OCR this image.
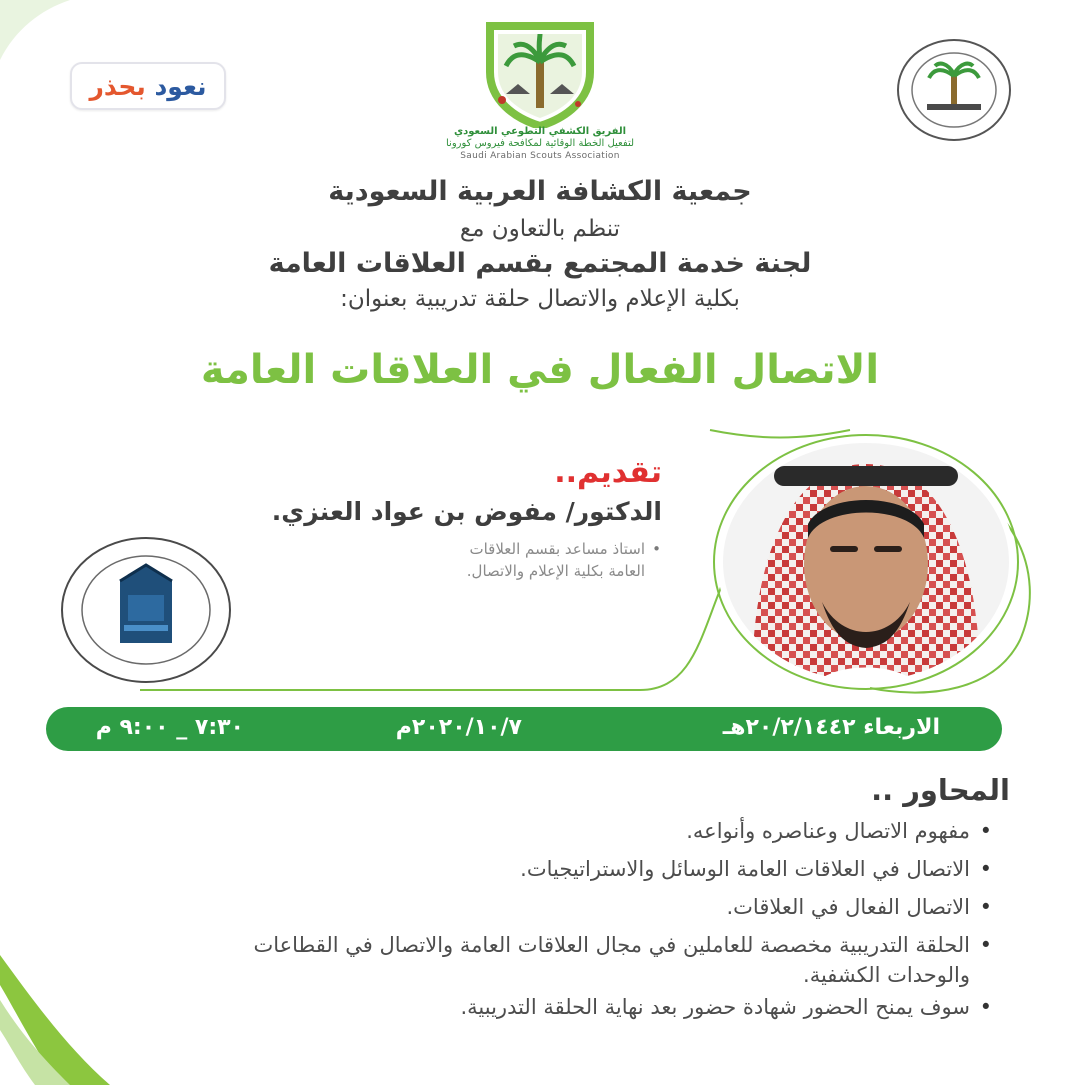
نعود بحذر
الفريق الكشفي التطوعي السعودي
لتفعيل الخطة الوقائية لمكافحة فيروس كورونا
Saudi Arabian Scouts Association
جمعية الكشافة العربية السعودية
تنظم بالتعاون مع
لجنة خدمة المجتمع بقسم العلاقات العامة
بكلية الإعلام والاتصال حلقة تدريبية بعنوان:
الاتصال الفعال في العلاقات العامة
تقديم..
الدكتور/ مفوض بن عواد العنزي.
• استاذ مساعد بقسم العلاقات العامة بكلية الإعلام والاتصال.
الاربعاء ٢٠/٢/١٤٤٢هـ
٢٠٢٠/١٠/٧م
٧:٣٠ _ ٩:٠٠ م
المحاور ..
• مفهوم الاتصال وعناصره وأنواعه.
• الاتصال في العلاقات العامة الوسائل والاستراتيجيات.
• الاتصال الفعال في العلاقات.
• الحلقة التدريبية مخصصة للعاملين في مجال العلاقات العامة والاتصال في القطاعات والوحدات الكشفية.
• سوف يمنح الحضور شهادة حضور بعد نهاية الحلقة التدريبية.
